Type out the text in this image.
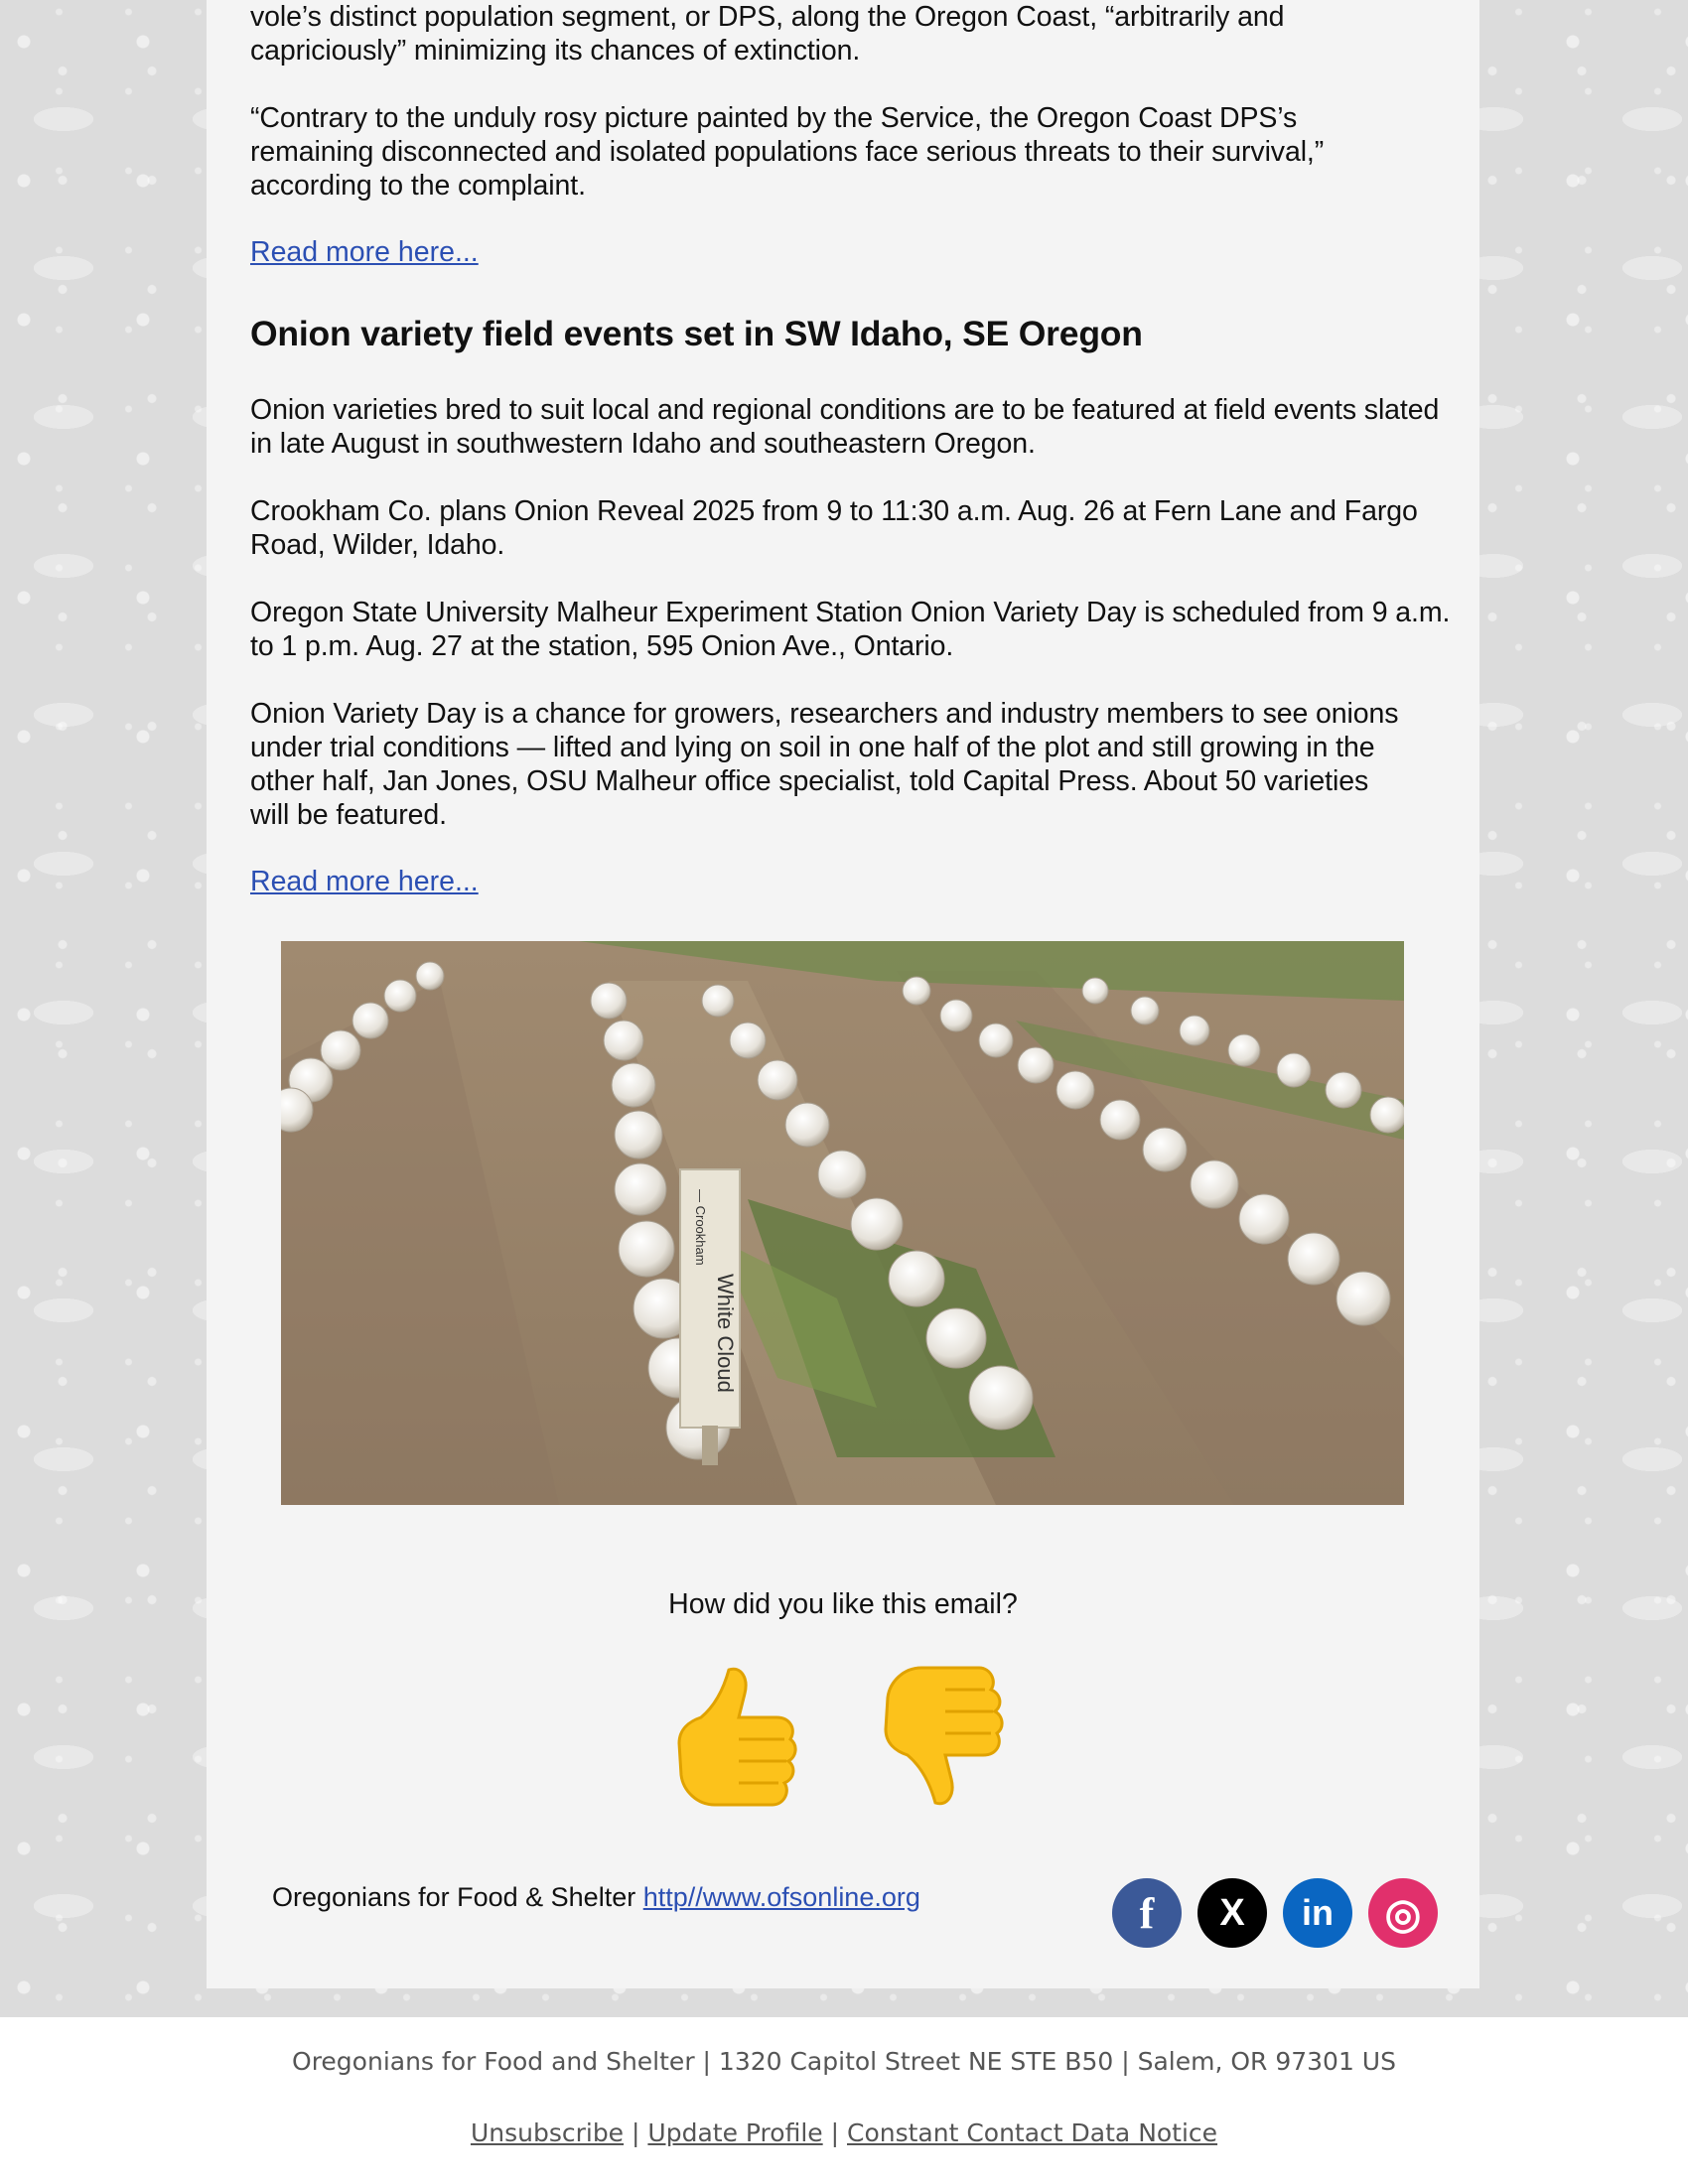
vole’s distinct population segment, or DPS, along the Oregon Coast, “arbitrarily and capriciously” minimizing its chances of extinction.

“Contrary to the unduly rosy picture painted by the Service, the Oregon Coast DPS’s remaining disconnected and isolated populations face serious threats to their survival,” according to the complaint.

Read more here...
Onion variety field events set in SW Idaho, SE Oregon

Onion varieties bred to suit local and regional conditions are to be featured at field events slated in late August in southwestern Idaho and southeastern Oregon.

Crookham Co. plans Onion Reveal 2025 from 9 to 11:30 a.m. Aug. 26 at Fern Lane and Fargo Road, Wilder, Idaho.

Oregon State University Malheur Experiment Station Onion Variety Day is scheduled from 9 a.m. to 1 p.m. Aug. 27 at the station, 595 Onion Ave., Ontario.

Onion Variety Day is a chance for growers, researchers and industry members to see onions under trial conditions — lifted and lying on soil in one half of the plot and still growing in the other half, Jan Jones, OSU Malheur office specialist, told Capital Press. About 50 varieties will be featured.

Read more here...
— Crookham
White Cloud
How did you like this email?
Oregonians for Food & Shelter http//www.ofsonline.org	f X in ◎
Oregonians for Food and Shelter | 1320 Capitol Street NE STE B50 | Salem, OR 97301 US
Unsubscribe | Update Profile | Constant Contact Data Notice
